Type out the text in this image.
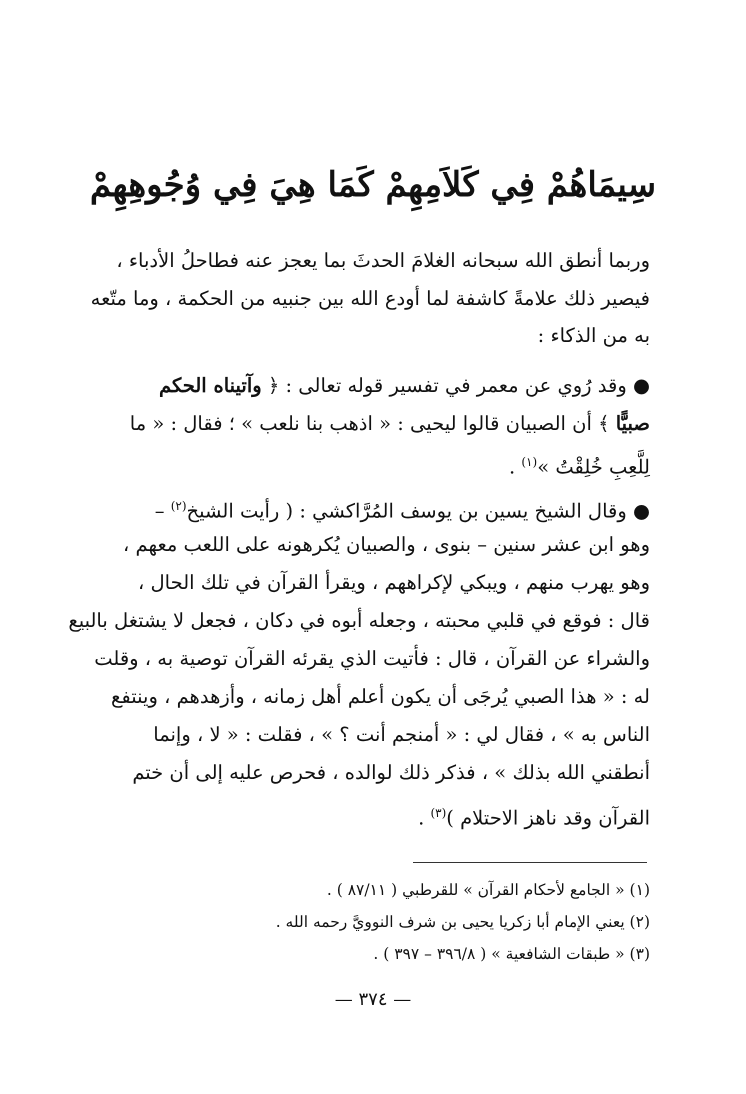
سِيمَاهُمْ فِي كَلاَمِهِمْ كَمَا هِيَ فِي وُجُوهِهِمْ
وربما أنطق الله سبحانه الغلامَ الحدثَ بما يعجز عنه فطاحلُ الأدباء ،
فيصير ذلك علامةً كاشفة لما أودع الله بين جنبيه من الحكمة ، وما متّعه
به من الذكاء :
● وقد رُوي عن معمر في تفسير قوله تعالى : ﴿ وآتيناه الحكم
صبيًّا ﴾ أن الصبيان قالوا ليحيى : « اذهب بنا نلعب » ؛ فقال : « ما
لِلَّعِبِ خُلِقْتُ »$^{(١)}$ .
● وقال الشيخ يسين بن يوسف المُرَّاكشي : ( رأيت الشيخ$^{(٢)}$ –
وهو ابن عشر سنين – بنوى ، والصبيان يُكرهونه على اللعب معهم ،
وهو يهرب منهم ، ويبكي لإكراههم ، ويقرأ القرآن في تلك الحال ،
قال : فوقع في قلبي محبته ، وجعله أبوه في دكان ، فجعل لا يشتغل بالبيع
والشراء عن القرآن ، قال : فأتيت الذي يقرئه القرآن توصية به ، وقلت
له : « هذا الصبي يُرجَى أن يكون أعلم أهل زمانه ، وأزهدهم ، وينتفع
الناس به » ، فقال لي : « أمنجم أنت ؟ » ، فقلت : « لا ، وإنما
أنطقني الله بذلك » ، فذكر ذلك لوالده ، فحرص عليه إلى أن ختم
القرآن وقد ناهز الاحتلام )$^{(٣)}$ .
(١) « الجامع لأحكام القرآن » للقرطبي ( ٨٧/١١ ) .
(٢) يعني الإمام أبا زكريا يحيى بن شرف النوويَّ رحمه الله .
(٣) « طبقات الشافعية » ( ٣٩٦/٨ – ٣٩٧ ) .
— ٣٧٤ —
